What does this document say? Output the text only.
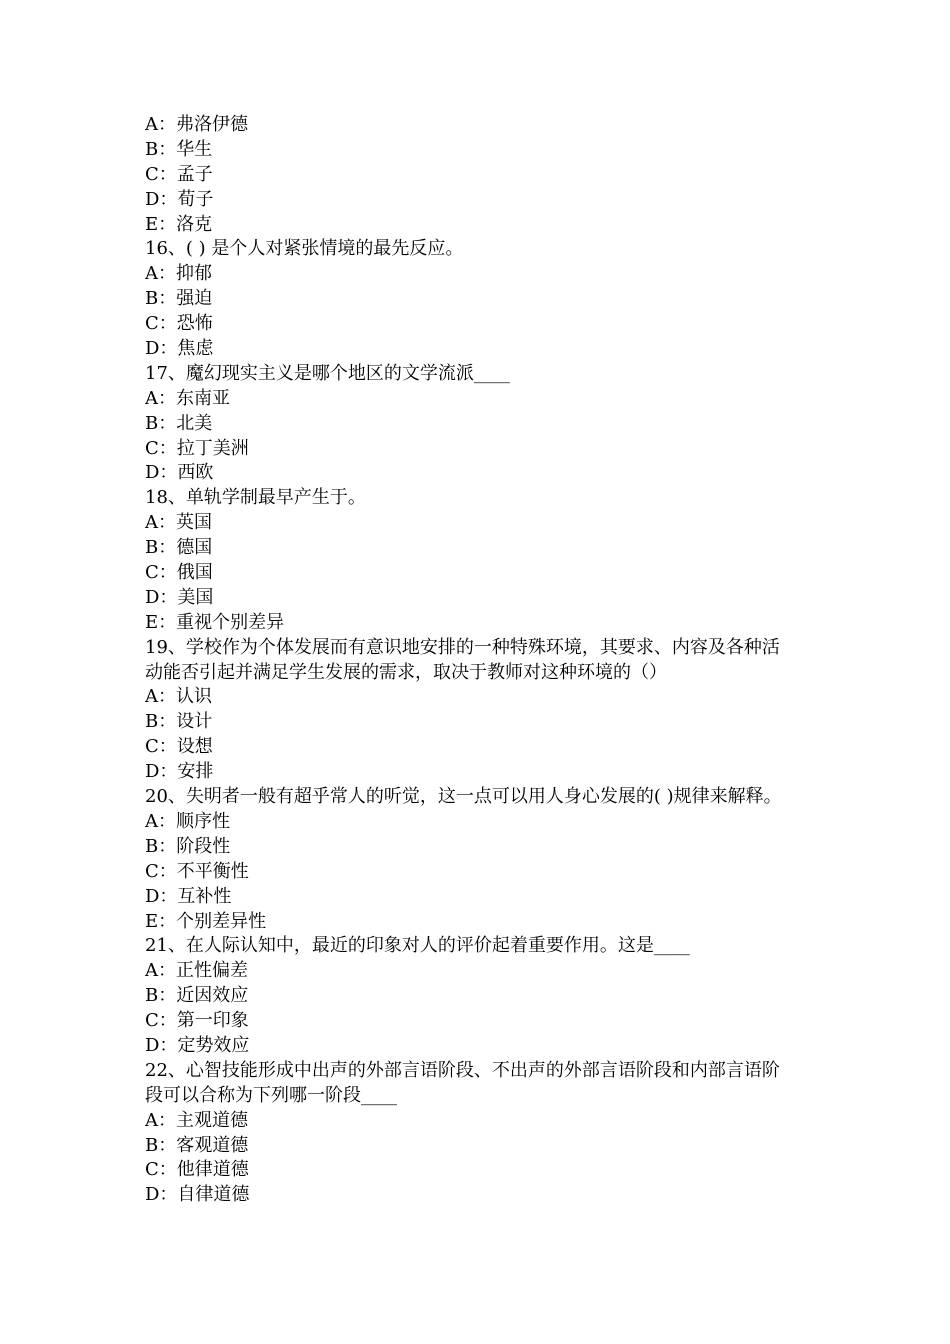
A：弗洛伊德
B：华生
C：孟子
D：荀子
E：洛克
16、( ) 是个人对紧张情境的最先反应。
A：抑郁
B：强迫
C：恐怖
D：焦虑
17、魔幻现实主义是哪个地区的文学流派____
A：东南亚
B：北美
C：拉丁美洲
D：西欧
18、单轨学制最早产生于。
A：英国
B：德国
C：俄国
D：美国
E：重视个别差异
19、学校作为个体发展而有意识地安排的一种特殊环境，其要求、内容及各种活
动能否引起并满足学生发展的需求，取决于教师对这种环境的（）
A：认识
B：设计
C：设想
D：安排
20、失明者一般有超乎常人的听觉，这一点可以用人身心发展的( )规律来解释。
A：顺序性
B：阶段性
C：不平衡性
D：互补性
E：个别差异性
21、在人际认知中，最近的印象对人的评价起着重要作用。这是____
A：正性偏差
B：近因效应
C：第一印象
D：定势效应
22、心智技能形成中出声的外部言语阶段、不出声的外部言语阶段和内部言语阶
段可以合称为下列哪一阶段____
A：主观道德
B：客观道德
C：他律道德
D：自律道德
